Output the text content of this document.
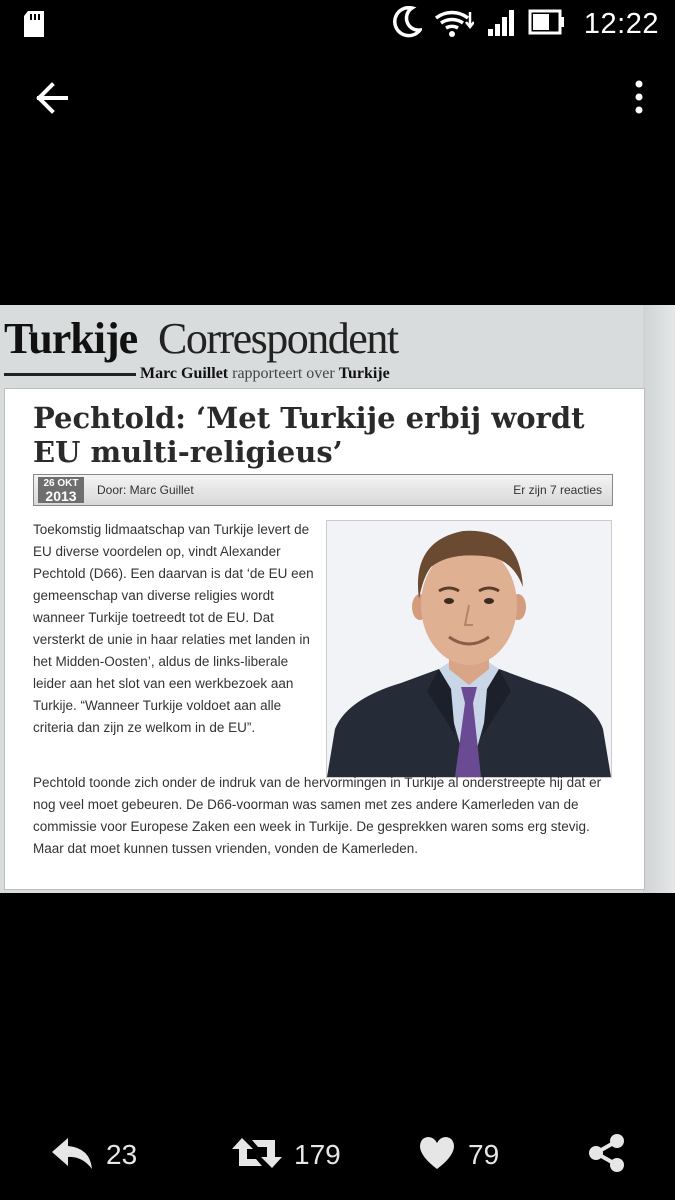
12:22
Turkije Correspondent
Marc Guillet rapporteert over Turkije
Pechtold: ‘Met Turkije erbij wordt EU multi-religieus’
26 OKT
2013	Door: Marc Guillet	Er zijn 7 reacties

Toekomstig lidmaatschap van Turkije levert de EU diverse voordelen op, vindt Alexander Pechtold (D66). Een daarvan is dat ‘de EU een gemeenschap van diverse religies wordt wanneer Turkije toetreedt tot de EU. Dat versterkt de unie in haar relaties met landen in het Midden-Oosten’, aldus de links-liberale leider aan het slot van een werkbezoek aan Turkije. “Wanneer Turkije voldoet aan alle criteria dan zijn ze welkom in de EU”.

Pechtold toonde zich onder de indruk van de hervormingen in Turkije al onderstreepte hij dat er nog veel moet gebeuren. De D66-voorman was samen met zes andere Kamerleden van de commissie voor Europese Zaken een week in Turkije. De gesprekken waren soms erg stevig. Maar dat moet kunnen tussen vrienden, vonden de Kamerleden.

23	179	79
